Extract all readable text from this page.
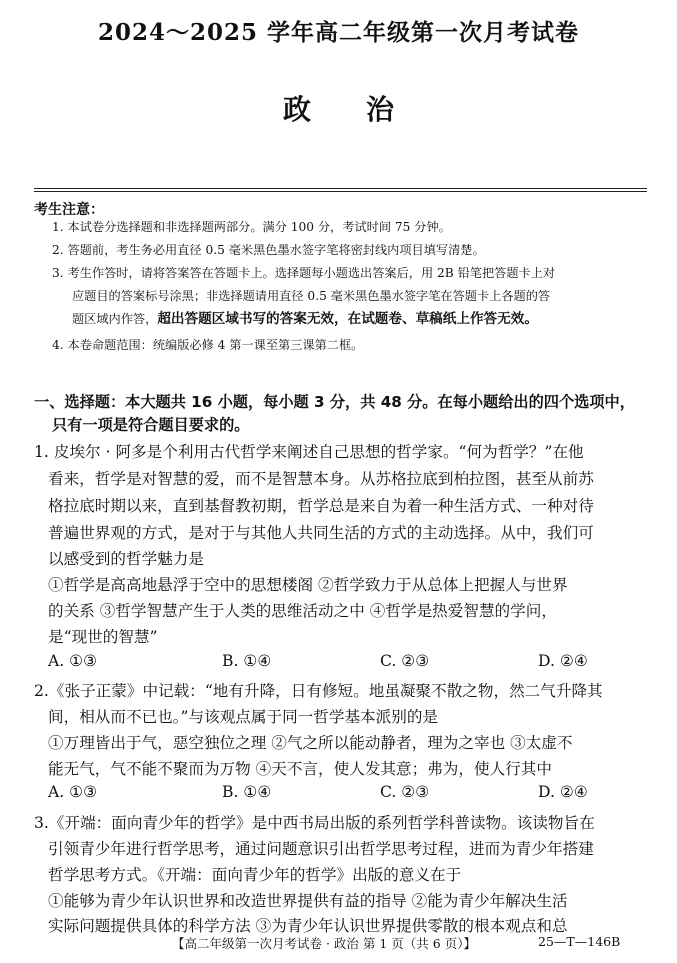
2024～2025 学年高二年级第一次月考试卷
政治
考生注意：
1. 本试卷分选择题和非选择题两部分。满分 100 分，考试时间 75 分钟。
2. 答题前，考生务必用直径 0.5 毫米黑色墨水签字笔将密封线内项目填写清楚。
3. 考生作答时，请将答案答在答题卡上。选择题每小题选出答案后，用 2B 铅笔把答题卡上对
应题目的答案标号涂黑；非选择题请用直径 0.5 毫米黑色墨水签字笔在答题卡上各题的答
题区域内作答，超出答题区域书写的答案无效，在试题卷、草稿纸上作答无效。
4. 本卷命题范围：统编版必修 4 第一课至第三课第二框。
一、选择题：本大题共 16 小题，每小题 3 分，共 48 分。在每小题给出的四个选项中，
只有一项是符合题目要求的。
1. 皮埃尔 · 阿多是个利用古代哲学来阐述自己思想的哲学家。“何为哲学？”在他
看来，哲学是对智慧的爱，而不是智慧本身。从苏格拉底到柏拉图，甚至从前苏
格拉底时期以来，直到基督教初期，哲学总是来自为着一种生活方式、一种对待
普遍世界观的方式，是对于与其他人共同生活的方式的主动选择。从中，我们可
以感受到的哲学魅力是
①哲学是高高地悬浮于空中的思想楼阁 ②哲学致力于从总体上把握人与世界
的关系 ③哲学智慧产生于人类的思维活动之中 ④哲学是热爱智慧的学问，
是“现世的智慧”
A. ①③	B. ①④	C. ②③	D. ②④
2.《张子正蒙》中记载：“地有升降，日有修短。地虽凝聚不散之物，然二气升降其
间，相从而不已也。”与该观点属于同一哲学基本派别的是
①万理皆出于气，惡空独位之理 ②气之所以能动静者，理为之宰也 ③太虚不
能无气，气不能不聚而为万物 ④天不言，使人发其意；弗为，使人行其中
A. ①③	B. ①④	C. ②③	D. ②④
3.《开端：面向青少年的哲学》是中西书局出版的系列哲学科普读物。该读物旨在
引领青少年进行哲学思考，通过问题意识引出哲学思考过程，进而为青少年搭建
哲学思考方式。《开端：面向青少年的哲学》出版的意义在于
①能够为青少年认识世界和改造世界提供有益的指导 ②能为青少年解决生活
实际问题提供具体的科学方法 ③为青少年认识世界提供零散的根本观点和总
【高二年级第一次月考试卷 · 政治 第 1 页（共 6 页）】	25—T—146B
